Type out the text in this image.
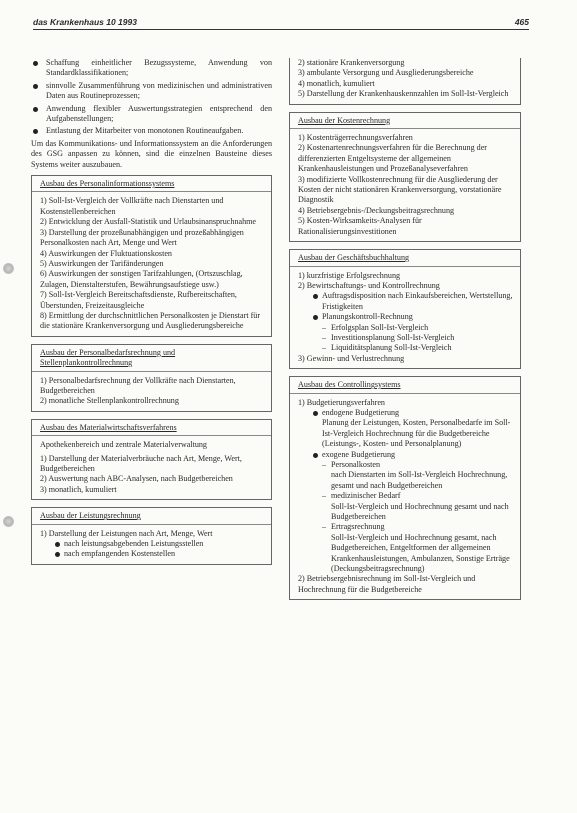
das Krankenhaus 10 1993	465
Schaffung einheitlicher Bezugssysteme, Anwendung von Standardklassifikationen;
sinnvolle Zusammenführung von medizinischen und administrativen Daten aus Routineprozessen;
Anwendung flexibler Auswertungsstrategien entsprechend den Aufgabenstellungen;
Entlastung der Mitarbeiter von monotonen Routineaufgaben.
Um das Kommunikations- und Informationssystem an die Anforderungen des GSG anpassen zu können, sind die einzelnen Bausteine dieses Systems weiter auszubauen.
Ausbau des Personalinformationssystems
1) Soll-Ist-Vergleich der Vollkräfte nach Dienstarten und Kostenstellenbereichen
2) Entwicklung der Ausfall-Statistik und Urlaubsinanspruchnahme
3) Darstellung der prozeßunabhängigen und prozeßabhängigen Personalkosten nach Art, Menge und Wert
4) Auswirkungen der Fluktuationskosten
5) Auswirkungen der Tarifänderungen
6) Auswirkungen der sonstigen Tarifzahlungen, (Ortszuschlag, Zulagen, Dienstalterstufen, Bewährungsaufstiege usw.)
7) Soll-Ist-Vergleich Bereitschaftsdienste, Rufbereitschaften, Überstunden, Freizeitausgleiche
8) Ermittlung der durchschnittlichen Personalkosten je Dienstart für die stationäre Krankenversorgung und Ausgliederungsbereiche
Ausbau der Personalbedarfsrechnung und Stellenplankontrollrechnung
1) Personalbedarfsrechnung der Vollkräfte nach Dienstarten, Budgetbereichen
2) monatliche Stellenplankontrollrechnung
Ausbau des Materialwirtschaftsverfahrens
Apothekenbereich und zentrale Materialverwaltung
1) Darstellung der Materialverbräuche nach Art, Menge, Wert, Budgetbereichen
2) Auswertung nach ABC-Analysen, nach Budgetbereichen
3) monatlich, kumuliert
Ausbau der Leistungsrechnung
1) Darstellung der Leistungen nach Art, Menge, Wert
nach leistungsabgebenden Leistungsstellen
nach empfangenden Kostenstellen
2) stationäre Krankenversorgung
3) ambulante Versorgung und Ausgliederungsbereiche
4) monatlich, kumuliert
5) Darstellung der Krankenhauskennzahlen im Soll-Ist-Vergleich
Ausbau der Kostenrechnung
1) Kostenträgerrechnungsverfahren
2) Kostenartenrechnungsverfahren für die Berechnung der differenzierten Entgeltsysteme der allgemeinen Krankenhausleistungen und Prozeßanalyseverfahren
3) modifizierte Vollkostenrechnung für die Ausgliederung der Kosten der nicht stationären Krankenversorgung, vorstationäre Diagnostik
4) Betriebsergebnis-/Deckungsbeitragsrechnung
5) Kosten-Wirksamkeits-Analysen für Rationalisierungsinvestitionen
Ausbau der Geschäftsbuchhaltung
1) kurzfristige Erfolgsrechnung
2) Bewirtschaftungs- und Kontrollrechnung
Auftragsdisposition nach Einkaufsbereichen, Wertstellung, Fristigkeiten
Planungskontroll-Rechnung
– Erfolgsplan Soll-Ist-Vergleich
– Investitionsplanung Soll-Ist-Vergleich
– Liquiditätsplanung Soll-Ist-Vergleich
3) Gewinn- und Verlustrechnung
Ausbau des Controllingsystems
1) Budgetierungsverfahren
endogene Budgetierung
Planung der Leistungen, Kosten, Personalbedarfe im Soll-Ist-Vergleich Hochrechnung für die Budgetbereiche (Leistungs-, Kosten- und Personalplanung)
exogene Budgetierung
– Personalkosten
nach Dienstarten im Soll-Ist-Vergleich Hochrechnung, gesamt und nach Budgetbereichen
– medizinischer Bedarf
Soll-Ist-Vergleich und Hochrechnung gesamt und nach Budgetbereichen
– Ertragsrechnung
Soll-Ist-Vergleich und Hochrechnung gesamt, nach Budgetbereichen, Entgeltformen der allgemeinen Krankenhausleistungen, Ambulanzen, Sonstige Erträge (Deckungsbeitragsrechnung)
2) Betriebsergebnisrechnung im Soll-Ist-Vergleich und Hochrechnung für die Budgetbereiche
